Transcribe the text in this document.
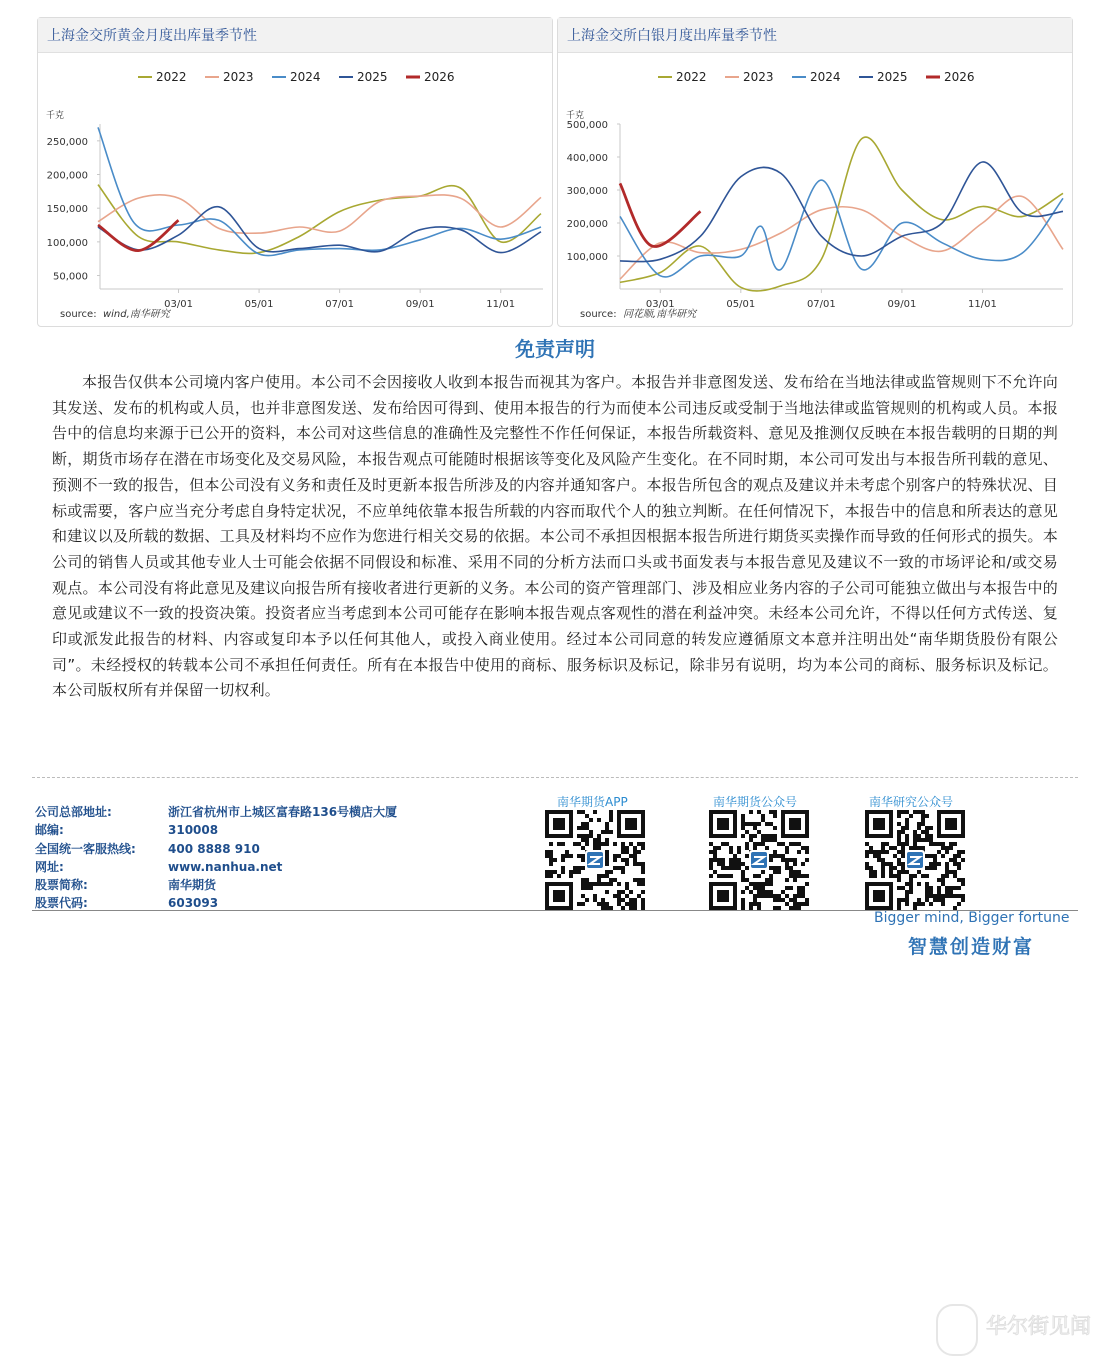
上海金交所黄金月度出库量季节性
50,000
100,000
150,000
200,000
250,000
千克
03/01	05/01	07/01	09/01	11/01
2022	2023	2024	2025	2026
source: wind,南华研究
上海金交所白银月度出库量季节性
100,000
200,000
300,000
400,000
500,000
千克
03/01	05/01	07/01	09/01	11/01
2022	2023	2024	2025	2026
source: 同花顺,南华研究
免责声明
本报告仅供本公司境内客户使用。本公司不会因接收人收到本报告而视其为客户。本报告并非意图发送、发布给在当地法律或监管规则下不允许向其发送、发布的机构或人员，也并非意图发送、发布给因可得到、使用本报告的行为而使本公司违反或受制于当地法律或监管规则的机构或人员。本报告中的信息均来源于已公开的资料，本公司对这些信息的准确性及完整性不作任何保证，本报告所载资料、意见及推测仅反映在本报告载明的日期的判断，期货市场存在潜在市场变化及交易风险，本报告观点可能随时根据该等变化及风险产生变化。在不同时期，本公司可发出与本报告所刊载的意见、预测不一致的报告，但本公司没有义务和责任及时更新本报告所涉及的内容并通知客户。本报告所包含的观点及建议并未考虑个别客户的特殊状况、目标或需要，客户应当充分考虑自身特定状况，不应单纯依靠本报告所载的内容而取代个人的独立判断。在任何情况下，本报告中的信息和所表达的意见和建议以及所载的数据、工具及材料均不应作为您进行相关交易的依据。本公司不承担因根据本报告所进行期货买卖操作而导致的任何形式的损失。本公司的销售人员或其他专业人士可能会依据不同假设和标准、采用不同的分析方法而口头或书面发表与本报告意见及建议不一致的市场评论和/或交易观点。本公司没有将此意见及建议向报告所有接收者进行更新的义务。本公司的资产管理部门、涉及相应业务内容的子公司可能独立做出与本报告中的意见或建议不一致的投资决策。投资者应当考虑到本公司可能存在影响本报告观点客观性的潜在利益冲突。未经本公司允许，不得以任何方式传送、复印或派发此报告的材料、内容或复印本予以任何其他人，或投入商业使用。经过本公司同意的转发应遵循原文本意并注明出处“南华期货股份有限公司”。未经授权的转载本公司不承担任何责任。所有在本报告中使用的商标、服务标识及标记，除非另有说明，均为本公司的商标、服务标识及标记。本公司版权所有并保留一切权利。
公司总部地址:	浙江省杭州市上城区富春路136号横店大厦
邮编:	310008
全国统一客服热线:	400 8888 910
网址:	www.nanhua.net
股票简称:	南华期货
股票代码:	603093
南华期货APP	南华期货公众号	南华研究公众号
Bigger mind, Bigger fortune
智慧创造财富
华尔街见闻
